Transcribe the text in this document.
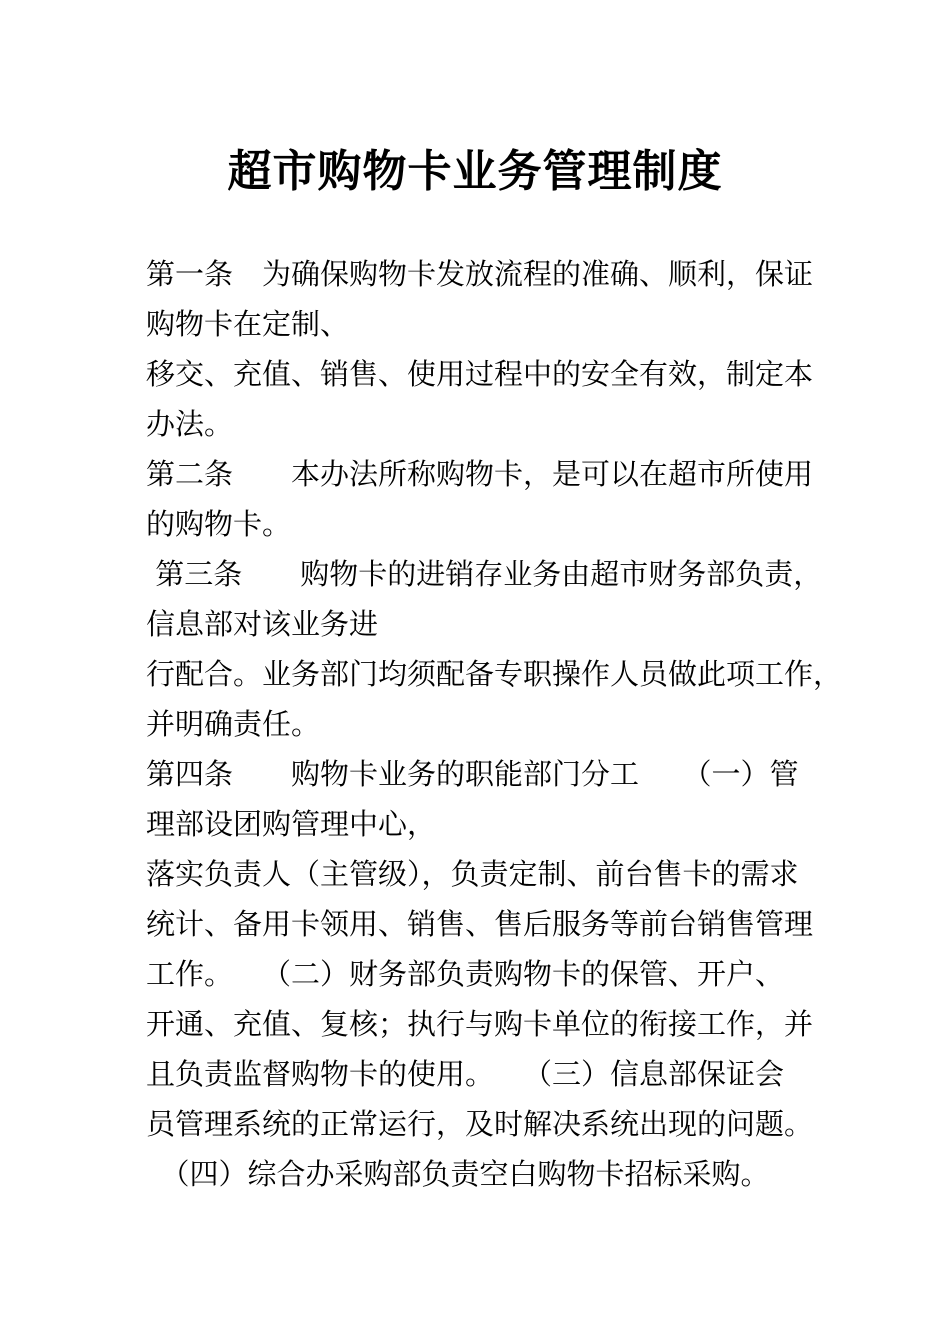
超市购物卡业务管理制度
第一条　为确保购物卡发放流程的准确、顺利，保证
购物卡在定制、
移交、充值、销售、使用过程中的安全有效，制定本
办法。
第二条　　本办法所称购物卡，是可以在超市所使用
的购物卡。
第三条　　购物卡的进销存业务由超市财务部负责，
信息部对该业务进
行配合。业务部门均须配备专职操作人员做此项工作，
并明确责任。
第四条　　购物卡业务的职能部门分工　　（一）管
理部设团购管理中心，
落实负责人（主管级），负责定制、前台售卡的需求
统计、备用卡领用、销售、售后服务等前台销售管理
工作。　　（二）财务部负责购物卡的保管、开户、
开通、充值、复核；执行与购卡单位的衔接工作，并
且负责监督购物卡的使用。　　（三）信息部保证会
员管理系统的正常运行，及时解决系统出现的问题。
　（四）综合办采购部负责空白购物卡招标采购。
